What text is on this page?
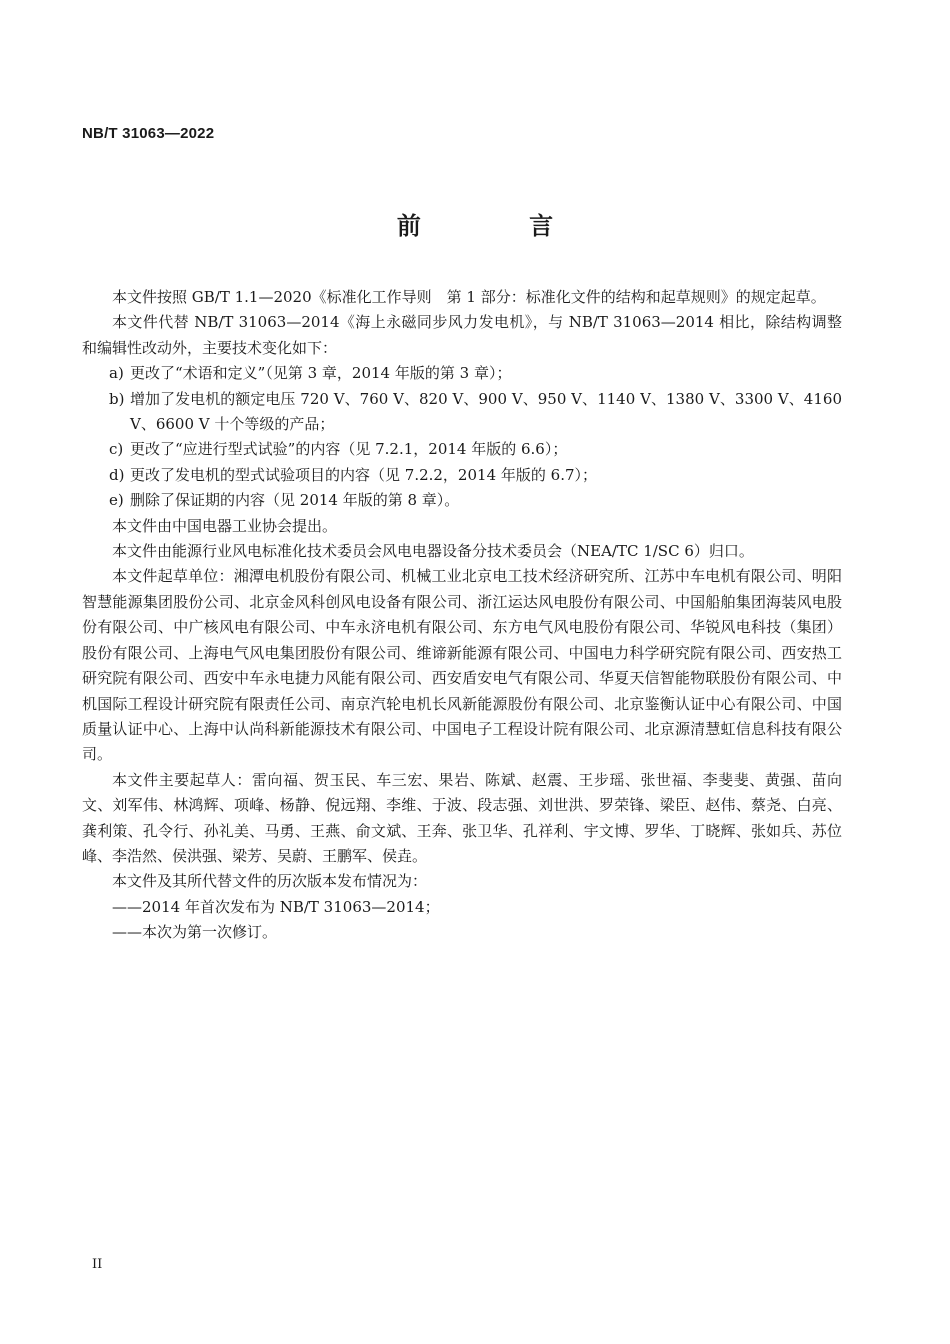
NB/T 31063—2022
前 言

本文件按照 GB/T 1.1—2020《标准化工作导则　第 1 部分：标准化文件的结构和起草规则》的规定起草。

本文件代替 NB/T 31063—2014《海上永磁同步风力发电机》，与 NB/T 31063—2014 相比，除结构调整和编辑性改动外，主要技术变化如下：

a) 更改了“术语和定义”（见第 3 章，2014 年版的第 3 章）；

b) 增加了发电机的额定电压 720 V、760 V、820 V、900 V、950 V、1140 V、1380 V、3300 V、4160 V、6600 V 十个等级的产品；

c) 更改了“应进行型式试验”的内容（见 7.2.1，2014 年版的 6.6）；

d) 更改了发电机的型式试验项目的内容（见 7.2.2，2014 年版的 6.7）；

e) 删除了保证期的内容（见 2014 年版的第 8 章）。

本文件由中国电器工业协会提出。

本文件由能源行业风电标准化技术委员会风电电器设备分技术委员会（NEA/TC 1/SC 6）归口。

本文件起草单位：湘潭电机股份有限公司、机械工业北京电工技术经济研究所、江苏中车电机有限公司、明阳智慧能源集团股份公司、北京金风科创风电设备有限公司、浙江运达风电股份有限公司、中国船舶集团海装风电股份有限公司、中广核风电有限公司、中车永济电机有限公司、东方电气风电股份有限公司、华锐风电科技（集团）股份有限公司、上海电气风电集团股份有限公司、维谛新能源有限公司、中国电力科学研究院有限公司、西安热工研究院有限公司、西安中车永电捷力风能有限公司、西安盾安电气有限公司、华夏天信智能物联股份有限公司、中机国际工程设计研究院有限责任公司、南京汽轮电机长风新能源股份有限公司、北京鉴衡认证中心有限公司、中国质量认证中心、上海中认尚科新能源技术有限公司、中国电子工程设计院有限公司、北京源清慧虹信息科技有限公司。

本文件主要起草人：雷向福、贺玉民、车三宏、果岩、陈斌、赵震、王步瑶、张世福、李斐斐、黄强、苗向文、刘军伟、林鸿辉、项峰、杨静、倪远翔、李维、于波、段志强、刘世洪、罗荣锋、梁臣、赵伟、蔡尧、白亮、龚利策、孔令行、孙礼美、马勇、王燕、俞文斌、王奔、张卫华、孔祥利、宇文博、罗华、丁晓辉、张如兵、苏位峰、李浩然、侯洪强、梁芳、吴蔚、王鹏军、侯垚。

本文件及其所代替文件的历次版本发布情况为：

——2014 年首次发布为 NB/T 31063—2014；

——本次为第一次修订。

II
